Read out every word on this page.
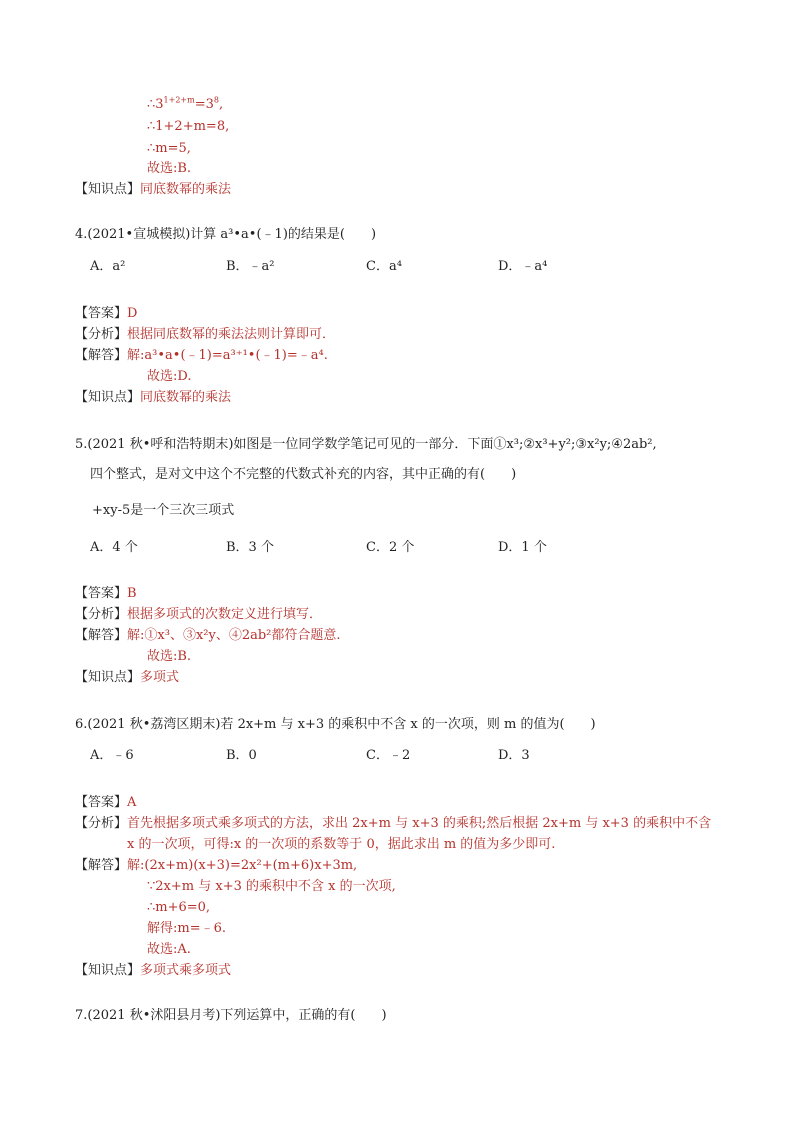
$\therefore 3^{1+2+m}=3^8$,
∴1+2+m=8,
∴m=5,
故选:B.
【知识点】同底数幂的乘法
4.(2021•宣城模拟)计算 a³•a•(﹣1)的结果是(　　)
A．a²	B．﹣a²	C．a⁴	D．﹣a⁴
【答案】D
【分析】根据同底数幂的乘法法则计算即可．
【解答】解:a³•a•(﹣1)=a³⁺¹•(﹣1)=﹣a⁴.
故选:D.
【知识点】同底数幂的乘法
5.(2021 秋•呼和浩特期末)如图是一位同学数学笔记可见的一部分．下面①x³;②x³+y²;③x²y;④2ab²,
四个整式，是对文中这个不完整的代数式补充的内容，其中正确的有(　　)
+xy-5是一个三次三项式
A．4 个	B．3 个	C．2 个	D．1 个
【答案】B
【分析】根据多项式的次数定义进行填写．
【解答】解:①x³、③x²y、④2ab²都符合题意.
故选:B.
【知识点】多项式
6.(2021 秋•荔湾区期末)若 2x+m 与 x+3 的乘积中不含 x 的一次项，则 m 的值为(　　)
A．﹣6	B．0	C．﹣2	D．3
【答案】A
【分析】首先根据多项式乘多项式的方法，求出 2x+m 与 x+3 的乘积;然后根据 2x+m 与 x+3 的乘积中不含
x 的一次项，可得:x 的一次项的系数等于 0，据此求出 m 的值为多少即可.
【解答】解:(2x+m)(x+3)=2x²+(m+6)x+3m,
∵2x+m 与 x+3 的乘积中不含 x 的一次项,
∴m+6=0,
解得:m=﹣6.
故选:A.
【知识点】多项式乘多项式
7.(2021 秋•沭阳县月考)下列运算中，正确的有(　　)
